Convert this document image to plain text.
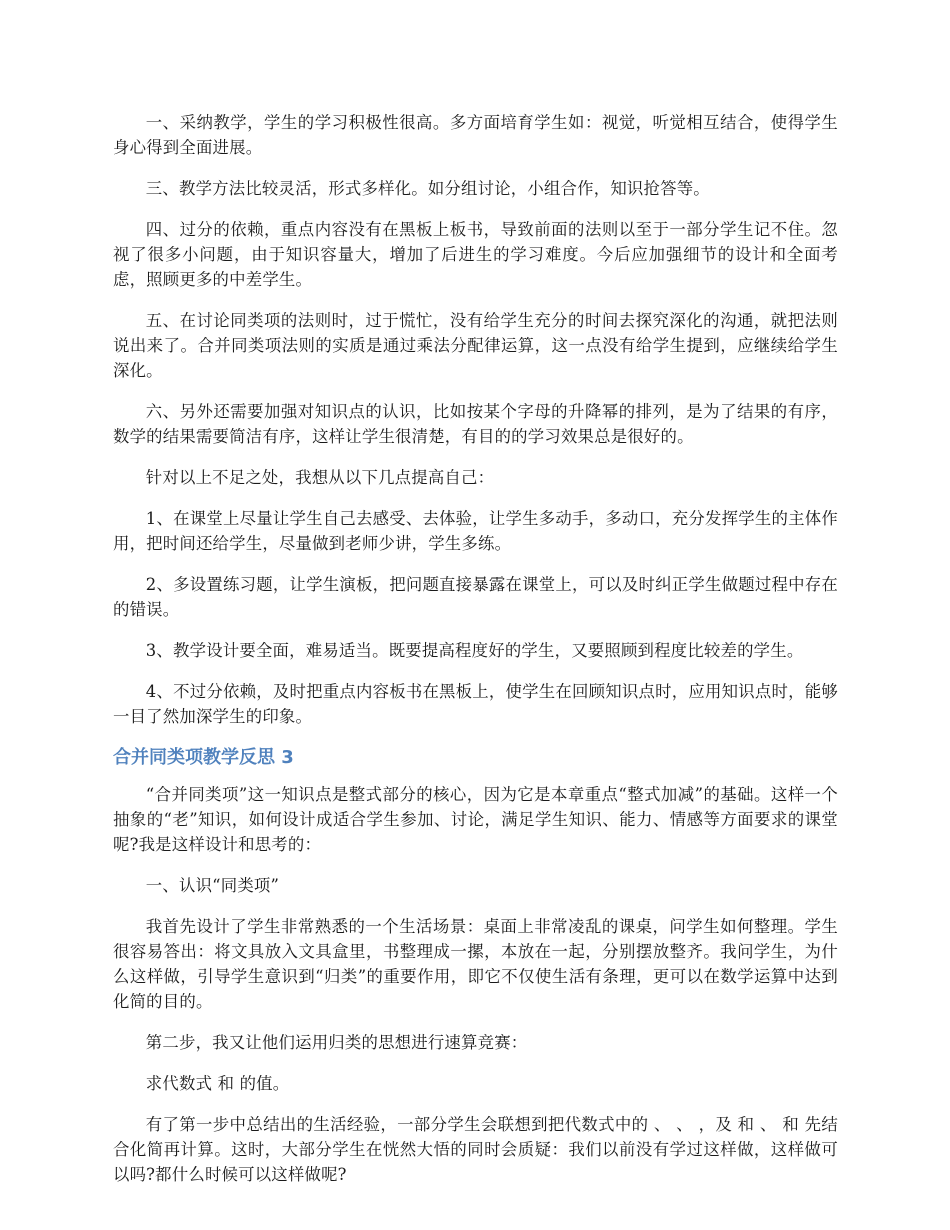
一、采纳教学，学生的学习积极性很高。多方面培育学生如：视觉，听觉相互结合，使得学生身心得到全面进展。

三、教学方法比较灵活，形式多样化。如分组讨论，小组合作，知识抢答等。

四、过分的依赖，重点内容没有在黑板上板书，导致前面的法则以至于一部分学生记不住。忽视了很多小问题，由于知识容量大，增加了后进生的学习难度。今后应加强细节的设计和全面考虑，照顾更多的中差学生。

五、在讨论同类项的法则时，过于慌忙，没有给学生充分的时间去探究深化的沟通，就把法则说出来了。合并同类项法则的实质是通过乘法分配律运算，这一点没有给学生提到，应继续给学生深化。

六、另外还需要加强对知识点的认识，比如按某个字母的升降幂的排列，是为了结果的有序，数学的结果需要简洁有序，这样让学生很清楚，有目的的学习效果总是很好的。

针对以上不足之处，我想从以下几点提高自己：

1、在课堂上尽量让学生自己去感受、去体验，让学生多动手，多动口，充分发挥学生的主体作用，把时间还给学生，尽量做到老师少讲，学生多练。

2、多设置练习题，让学生演板，把问题直接暴露在课堂上，可以及时纠正学生做题过程中存在的错误。

3、教学设计要全面，难易适当。既要提高程度好的学生，又要照顾到程度比较差的学生。

4、不过分依赖，及时把重点内容板书在黑板上，使学生在回顾知识点时，应用知识点时，能够一目了然加深学生的印象。

合并同类项教学反思 3

“合并同类项”这一知识点是整式部分的核心，因为它是本章重点“整式加减”的基础。这样一个抽象的“老”知识，如何设计成适合学生参加、讨论，满足学生知识、能力、情感等方面要求的课堂呢?我是这样设计和思考的：

一、认识“同类项”

我首先设计了学生非常熟悉的一个生活场景：桌面上非常凌乱的课桌，问学生如何整理。学生很容易答出：将文具放入文具盒里，书整理成一摞，本放在一起，分别摆放整齐。我问学生，为什么这样做，引导学生意识到“归类”的重要作用，即它不仅使生活有条理，更可以在数学运算中达到化简的目的。

第二步，我又让他们运用归类的思想进行速算竞赛：

求代数式 和 的值。

有了第一步中总结出的生活经验，一部分学生会联想到把代数式中的 、 、 ，及 和 、 和 先结合化简再计算。这时，大部分学生在恍然大悟的同时会质疑：我们以前没有学过这样做，这样做可以吗?都什么时候可以这样做呢?
